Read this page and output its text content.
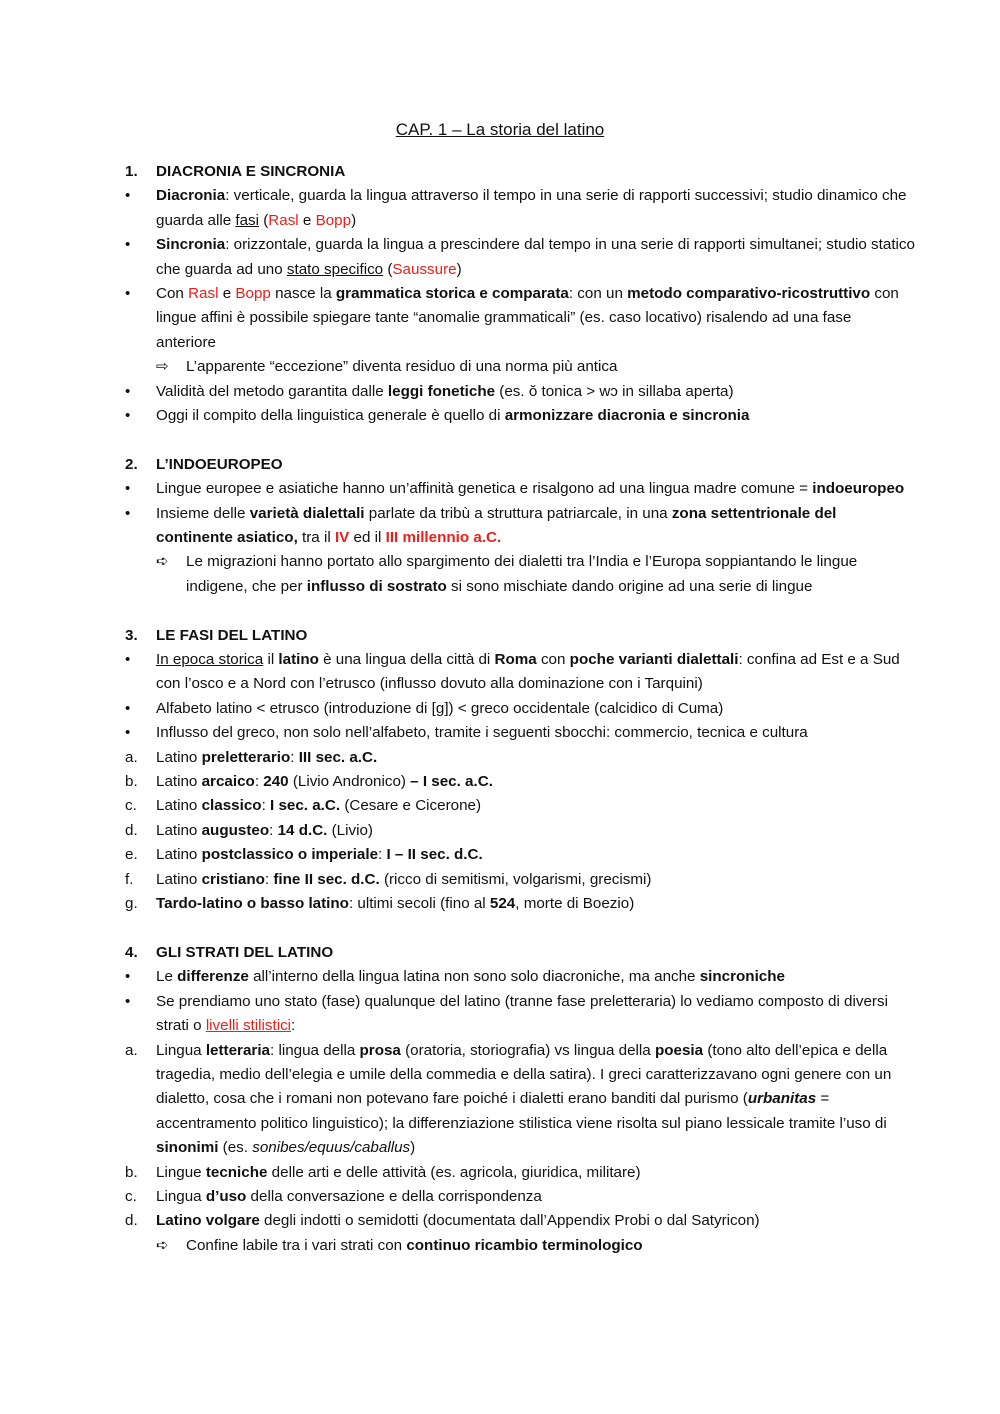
CAP. 1 – La storia del latino
1. DIACRONIA E SINCRONIA
•	Diacronia: verticale, guarda la lingua attraverso il tempo in una serie di rapporti successivi; studio dinamico che guarda alle fasi (Rasl e Bopp)
•	Sincronia: orizzontale, guarda la lingua a prescindere dal tempo in una serie di rapporti simultanei; studio statico che guarda ad uno stato specifico (Saussure)
•	Con Rasl e Bopp nasce la grammatica storica e comparata: con un metodo comparativo-ricostruttivo con lingue affini è possibile spiegare tante “anomalie grammaticali” (es. caso locativo) risalendo ad una fase anteriore
⇨	L’apparente “eccezione” diventa residuo di una norma più antica
•	Validità del metodo garantita dalle leggi fonetiche (es. ŏ tonica > wɔ in sillaba aperta)
•	Oggi il compito della linguistica generale è quello di armonizzare diacronia e sincronia
2. L’INDOEUROPEO
•	Lingue europee e asiatiche hanno un’affinità genetica e risalgono ad una lingua madre comune = indoeuropeo
•	Insieme delle varietà dialettali parlate da tribù a struttura patriarcale, in una zona settentrionale del continente asiatico, tra il IV ed il III millennio a.C.
➪	Le migrazioni hanno portato allo spargimento dei dialetti tra l’India e l’Europa soppiantando le lingue indigene, che per influsso di sostrato si sono mischiate dando origine ad una serie di lingue
3. LE FASI DEL LATINO
•	In epoca storica il latino è una lingua della città di Roma con poche varianti dialettali: confina ad Est e a Sud con l’osco e a Nord con l’etrusco (influsso dovuto alla dominazione con i Tarquini)
•	Alfabeto latino < etrusco (introduzione di [g]) < greco occidentale (calcidico di Cuma)
•	Influsso del greco, non solo nell’alfabeto, tramite i seguenti sbocchi: commercio, tecnica e cultura
a.	Latino preletterario: III sec. a.C.
b.	Latino arcaico: 240 (Livio Andronico) – I sec. a.C.
c.	Latino classico: I sec. a.C. (Cesare e Cicerone)
d.	Latino augusteo: 14 d.C. (Livio)
e.	Latino postclassico o imperiale: I – II sec. d.C.
f.	Latino cristiano: fine II sec. d.C. (ricco di semitismi, volgarismi, grecismi)
g.	Tardo-latino o basso latino: ultimi secoli (fino al 524, morte di Boezio)
4. GLI STRATI DEL LATINO
•	Le differenze all’interno della lingua latina non sono solo diacroniche, ma anche sincroniche
•	Se prendiamo uno stato (fase) qualunque del latino (tranne fase preletteraria) lo vediamo composto di diversi strati o livelli stilistici:
a.	Lingua letteraria: lingua della prosa (oratoria, storiografia) vs lingua della poesia (tono alto dell’epica e della tragedia, medio dell’elegia e umile della commedia e della satira). I greci caratterizzavano ogni genere con un dialetto, cosa che i romani non potevano fare poiché i dialetti erano banditi dal purismo (urbanitas = accentramento politico linguistico); la differenziazione stilistica viene risolta sul piano lessicale tramite l’uso di sinonimi (es. sonibes/equus/caballus)
b.	Lingue tecniche delle arti e delle attività (es. agricola, giuridica, militare)
c.	Lingua d’uso della conversazione e della corrispondenza
d.	Latino volgare degli indotti o semidotti (documentata dall’Appendix Probi o dal Satyricon)
➪	Confine labile tra i vari strati con continuo ricambio terminologico
